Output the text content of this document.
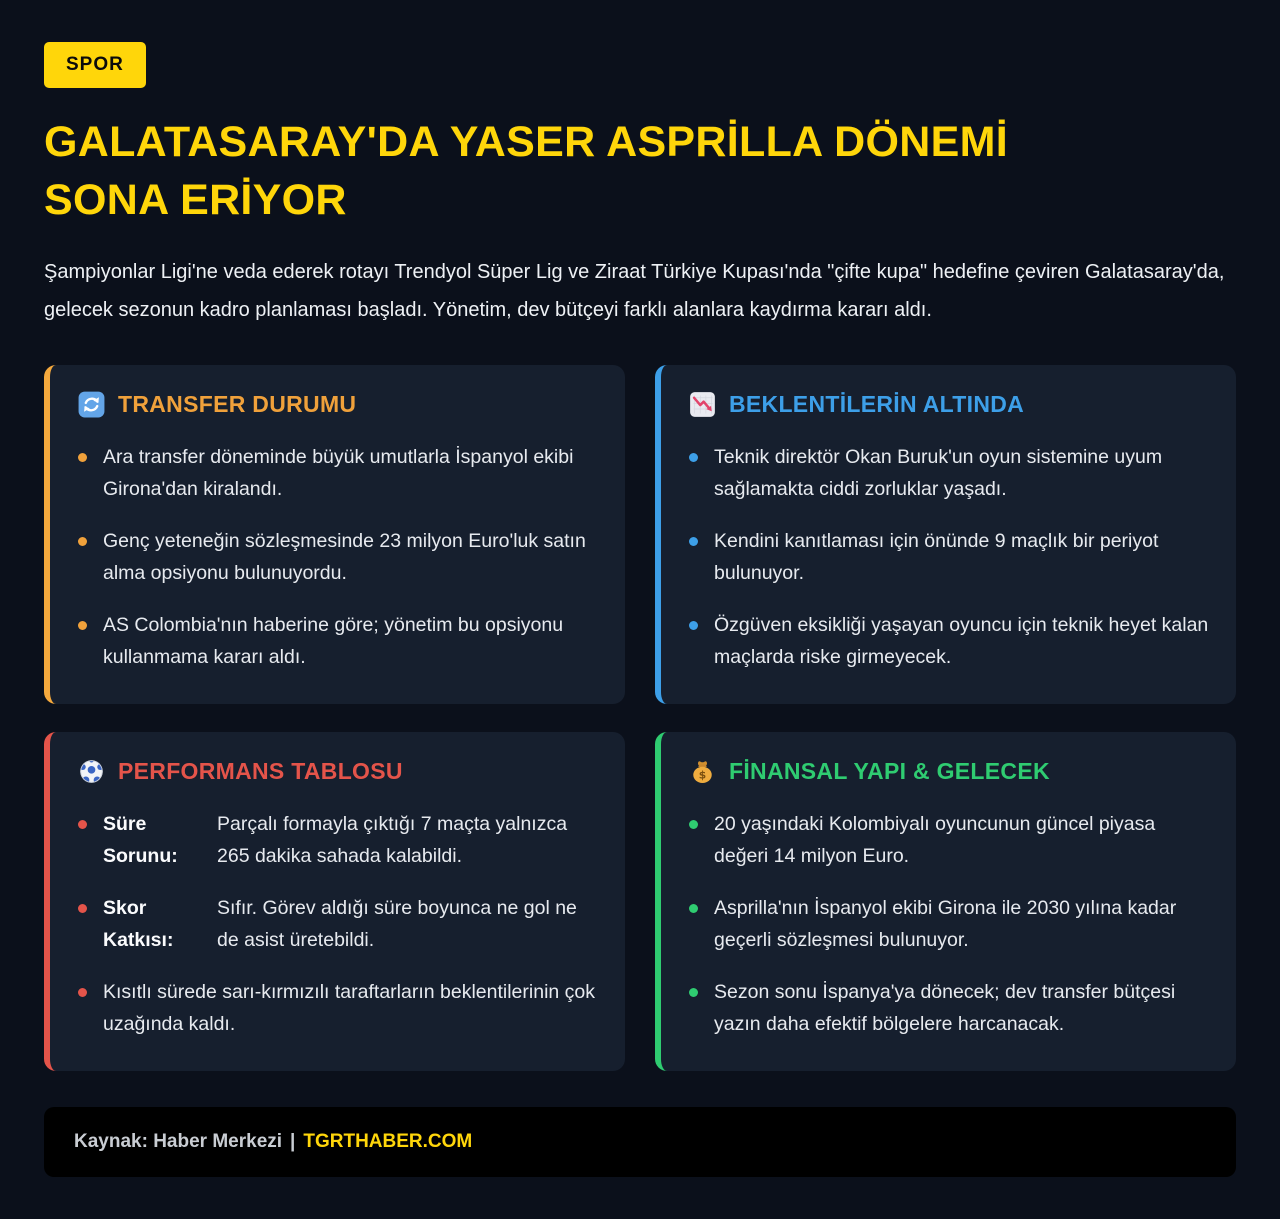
SPOR
GALATASARAY'DA YASER ASPRİLLA DÖNEMİ
SONA ERİYOR

Şampiyonlar Ligi'ne veda ederek rotayı Trendyol Süper Lig ve Ziraat Türkiye Kupası'nda "çifte kupa" hedefine çeviren Galatasaray'da, gelecek sezonun kadro planlaması başladı. Yönetim, dev bütçeyi farklı alanlara kaydırma kararı aldı.

TRANSFER DURUMU
Ara transfer döneminde büyük umutlarla İspanyol ekibi Girona'dan kiralandı.
Genç yeteneğin sözleşmesinde 23 milyon Euro'luk satın alma opsiyonu bulunuyordu.
AS Colombia'nın haberine göre; yönetim bu opsiyonu kullanmama kararı aldı.
BEKLENTİLERİN ALTINDA
Teknik direktör Okan Buruk'un oyun sistemine uyum sağlamakta ciddi zorluklar yaşadı.
Kendini kanıtlaması için önünde 9 maçlık bir periyot bulunuyor.
Özgüven eksikliği yaşayan oyuncu için teknik heyet kalan maçlarda riske girmeyecek.
PERFORMANS TABLOSU
Süre Sorunu:
Parçalı formayla çıktığı 7 maçta yalnızca 265 dakika sahada kalabildi.
Skor Katkısı:
Sıfır. Görev aldığı süre boyunca ne gol ne de asist üretebildi.
Kısıtlı sürede sarı-kırmızılı taraftarların beklentilerinin çok uzağında kaldı.
$ FİNANSAL YAPI & GELECEK
20 yaşındaki Kolombiyalı oyuncunun güncel piyasa değeri 14 milyon Euro.
Asprilla'nın İspanyol ekibi Girona ile 2030 yılına kadar geçerli sözleşmesi bulunuyor.
Sezon sonu İspanya'ya dönecek; dev transfer bütçesi yazın daha efektif bölgelere harcanacak.
Kaynak: Haber Merkezi | TGRTHABER.COM
